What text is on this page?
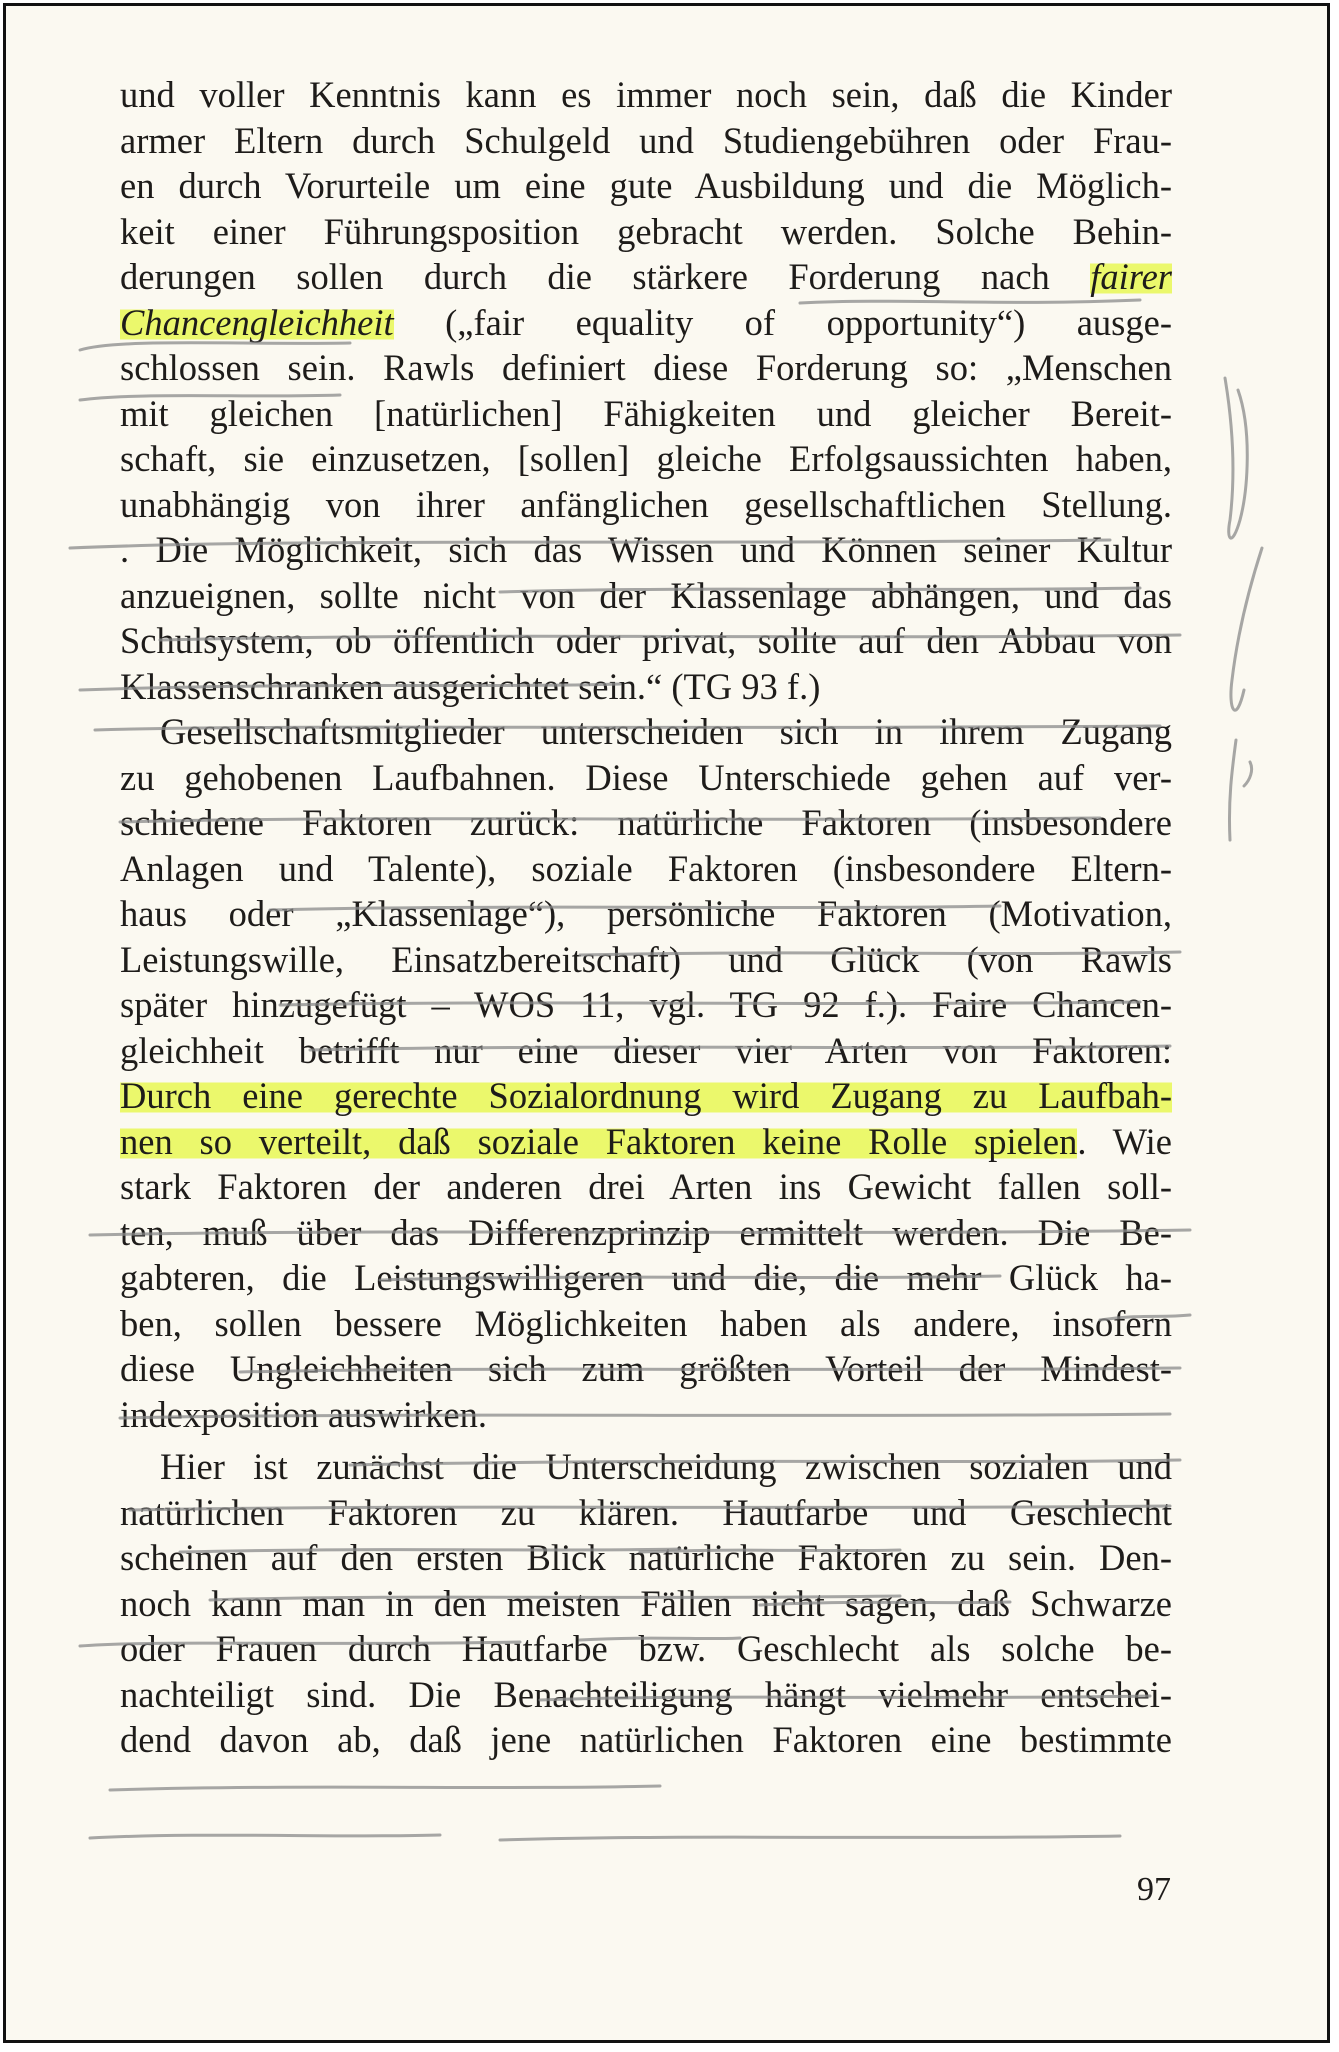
und voller Kenntnis kann es immer noch sein, daß die Kinder
armer Eltern durch Schulgeld und Studiengebühren oder Frau-
en durch Vorurteile um eine gute Ausbildung und die Möglich-
keit einer Führungsposition gebracht werden. Solche Behin-
derungen sollen durch die stärkere Forderung nach fairer
Chancengleichheit („fair equality of opportunity“) ausge-
schlossen sein. Rawls definiert diese Forderung so: „Menschen
mit gleichen [natürlichen] Fähigkeiten und gleicher Bereit-
schaft, sie einzusetzen, [sollen] gleiche Erfolgsaussichten haben,
unabhängig von ihrer anfänglichen gesellschaftlichen Stellung.
. Die Möglichkeit, sich das Wissen und Können seiner Kultur
anzueignen, sollte nicht von der Klassenlage abhängen, und das
Schulsystem, ob öffentlich oder privat, sollte auf den Abbau von
Klassenschranken ausgerichtet sein.“ (TG 93 f.)
Gesellschaftsmitglieder unterscheiden sich in ihrem Zugang
zu gehobenen Laufbahnen. Diese Unterschiede gehen auf ver-
schiedene Faktoren zurück: natürliche Faktoren (insbesondere
Anlagen und Talente), soziale Faktoren (insbesondere Eltern-
haus oder „Klassenlage“), persönliche Faktoren (Motivation,
Leistungswille, Einsatzbereitschaft) und Glück (von Rawls
später hinzugefügt – WOS 11, vgl. TG 92 f.). Faire Chancen-
gleichheit betrifft nur eine dieser vier Arten von Faktoren:
Durch eine gerechte Sozialordnung wird Zugang zu Laufbah-
nen so verteilt, daß soziale Faktoren keine Rolle spielen. Wie
stark Faktoren der anderen drei Arten ins Gewicht fallen soll-
ten, muß über das Differenzprinzip ermittelt werden. Die Be-
gabteren, die Leistungswilligeren und die, die mehr Glück ha-
ben, sollen bessere Möglichkeiten haben als andere, insofern
diese Ungleichheiten sich zum größten Vorteil der Mindest-
indexposition auswirken.
Hier ist zunächst die Unterscheidung zwischen sozialen und
natürlichen Faktoren zu klären. Hautfarbe und Geschlecht
scheinen auf den ersten Blick natürliche Faktoren zu sein. Den-
noch kann man in den meisten Fällen nicht sagen, daß Schwarze
oder Frauen durch Hautfarbe bzw. Geschlecht als solche be-
nachteiligt sind. Die Benachteiligung hängt vielmehr entschei-
dend davon ab, daß jene natürlichen Faktoren eine bestimmte
97
